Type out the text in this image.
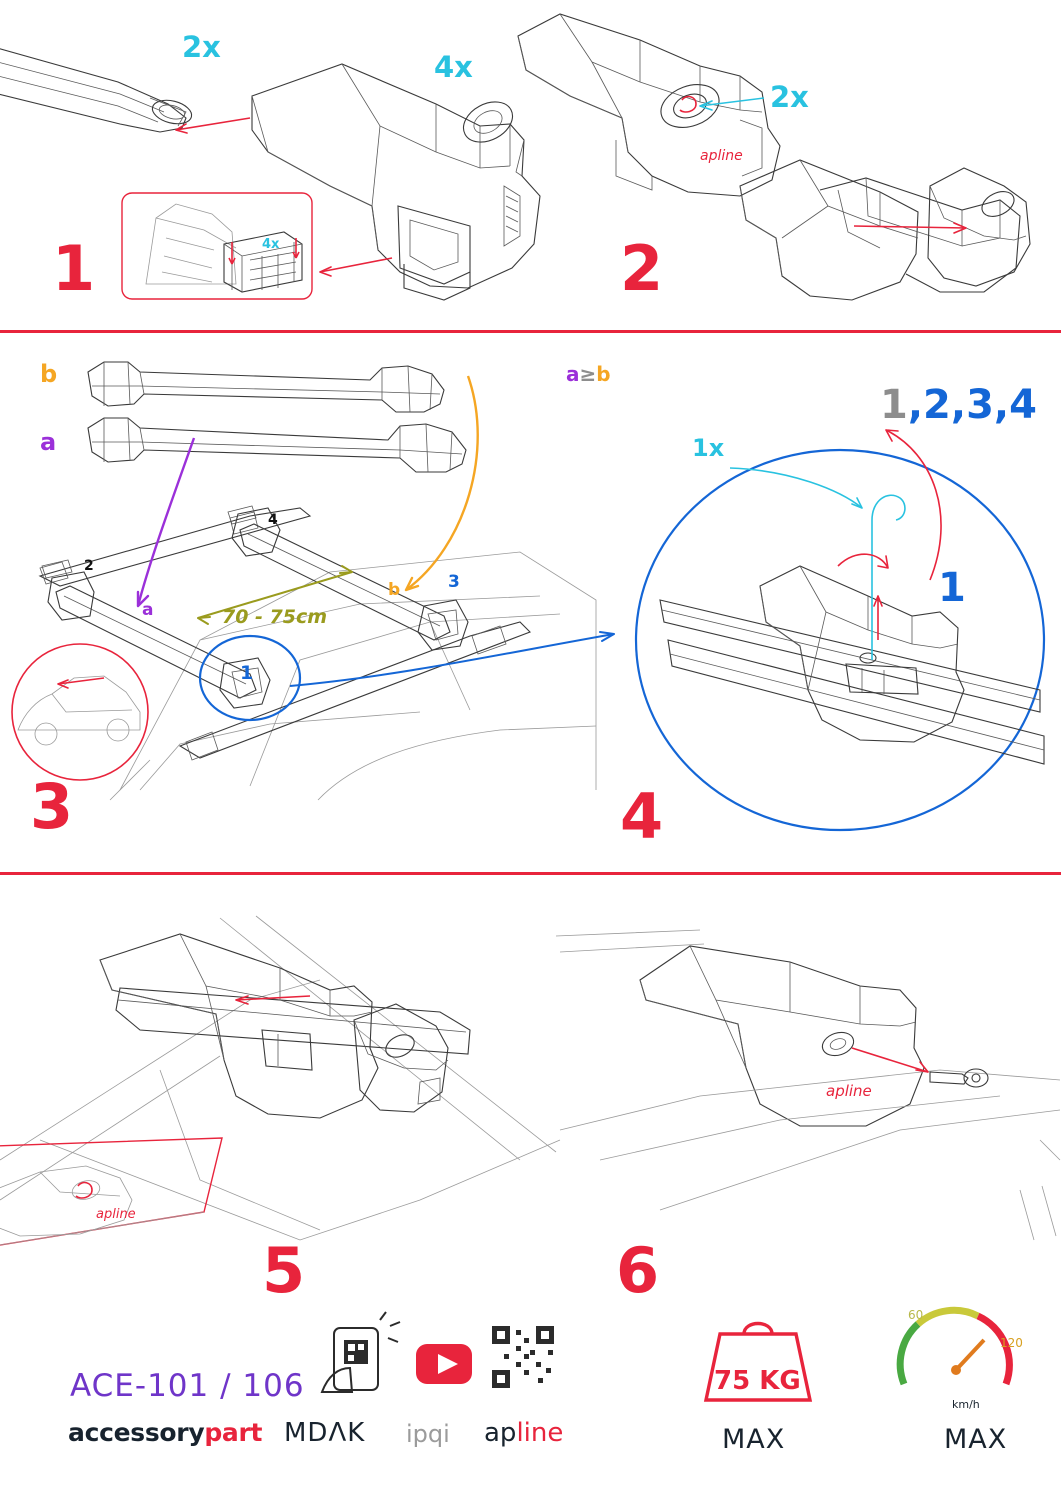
2x
4x
4x
1
apline
2x
2
b
a
a
b
70 - 75cm
1
2
3
4
3
a≥b
1x
1,2,3,4
1
4
apline
5
apline
6
ACE-101 / 106
accessorypart MDΛK ipqi apline
75 KG
MAX	MAX
km/h
60
120
